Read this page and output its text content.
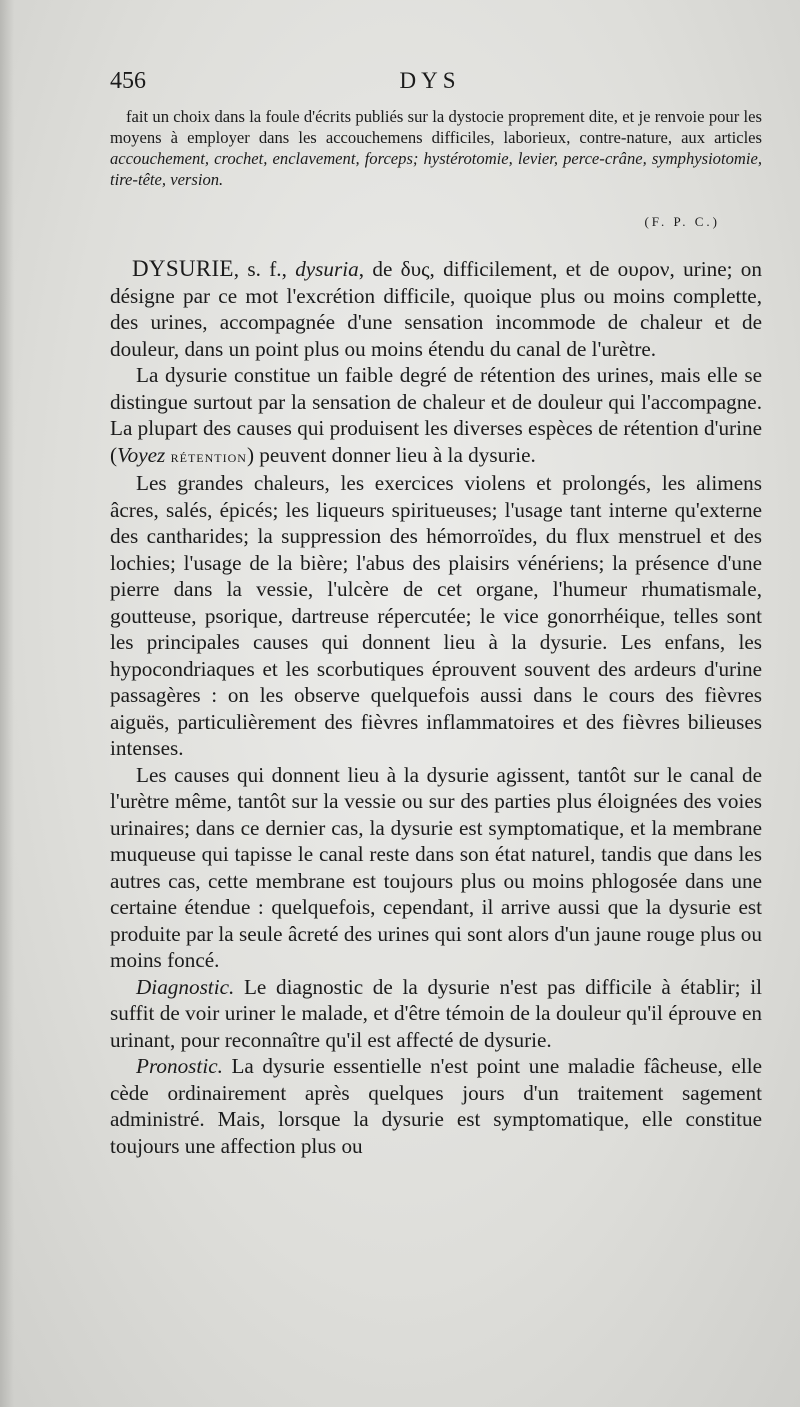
456	DYS

fait un choix dans la foule d'écrits publiés sur la dystocie proprement dite, et je renvoie pour les moyens à employer dans les accouchemens difficiles, laborieux, contre-nature, aux articles accouchement, crochet, enclavement, forceps; hystérotomie, levier, perce-crâne, symphysiotomie, tire-tête, version.

(F. P. C.)

DYSURIE, s. f., dysuria, de δυς, difficilement, et de ουρον, urine; on désigne par ce mot l'excrétion difficile, quoique plus ou moins complette, des urines, accompagnée d'une sensation incommode de chaleur et de douleur, dans un point plus ou moins étendu du canal de l'urètre.

La dysurie constitue un faible degré de rétention des urines, mais elle se distingue surtout par la sensation de chaleur et de douleur qui l'accompagne. La plupart des causes qui produisent les diverses espèces de rétention d'urine (Voyez rétention) peuvent donner lieu à la dysurie.

Les grandes chaleurs, les exercices violens et prolongés, les alimens âcres, salés, épicés; les liqueurs spiritueuses; l'usage tant interne qu'externe des cantharides; la suppression des hémorroïdes, du flux menstruel et des lochies; l'usage de la bière; l'abus des plaisirs vénériens; la présence d'une pierre dans la vessie, l'ulcère de cet organe, l'humeur rhumatismale, goutteuse, psorique, dartreuse répercutée; le vice gonorrhéique, telles sont les principales causes qui donnent lieu à la dysurie. Les enfans, les hypocondriaques et les scorbutiques éprouvent souvent des ardeurs d'urine passagères : on les observe quelquefois aussi dans le cours des fièvres aiguës, particulièrement des fièvres inflammatoires et des fièvres bilieuses intenses.

Les causes qui donnent lieu à la dysurie agissent, tantôt sur le canal de l'urètre même, tantôt sur la vessie ou sur des parties plus éloignées des voies urinaires; dans ce dernier cas, la dysurie est symptomatique, et la membrane muqueuse qui tapisse le canal reste dans son état naturel, tandis que dans les autres cas, cette membrane est toujours plus ou moins phlogosée dans une certaine étendue : quelquefois, cependant, il arrive aussi que la dysurie est produite par la seule âcreté des urines qui sont alors d'un jaune rouge plus ou moins foncé.

Diagnostic. Le diagnostic de la dysurie n'est pas difficile à établir; il suffit de voir uriner le malade, et d'être témoin de la douleur qu'il éprouve en urinant, pour reconnaître qu'il est affecté de dysurie.

Pronostic. La dysurie essentielle n'est point une maladie fâcheuse, elle cède ordinairement après quelques jours d'un traitement sagement administré. Mais, lorsque la dysurie est symptomatique, elle constitue toujours une affection plus ou
